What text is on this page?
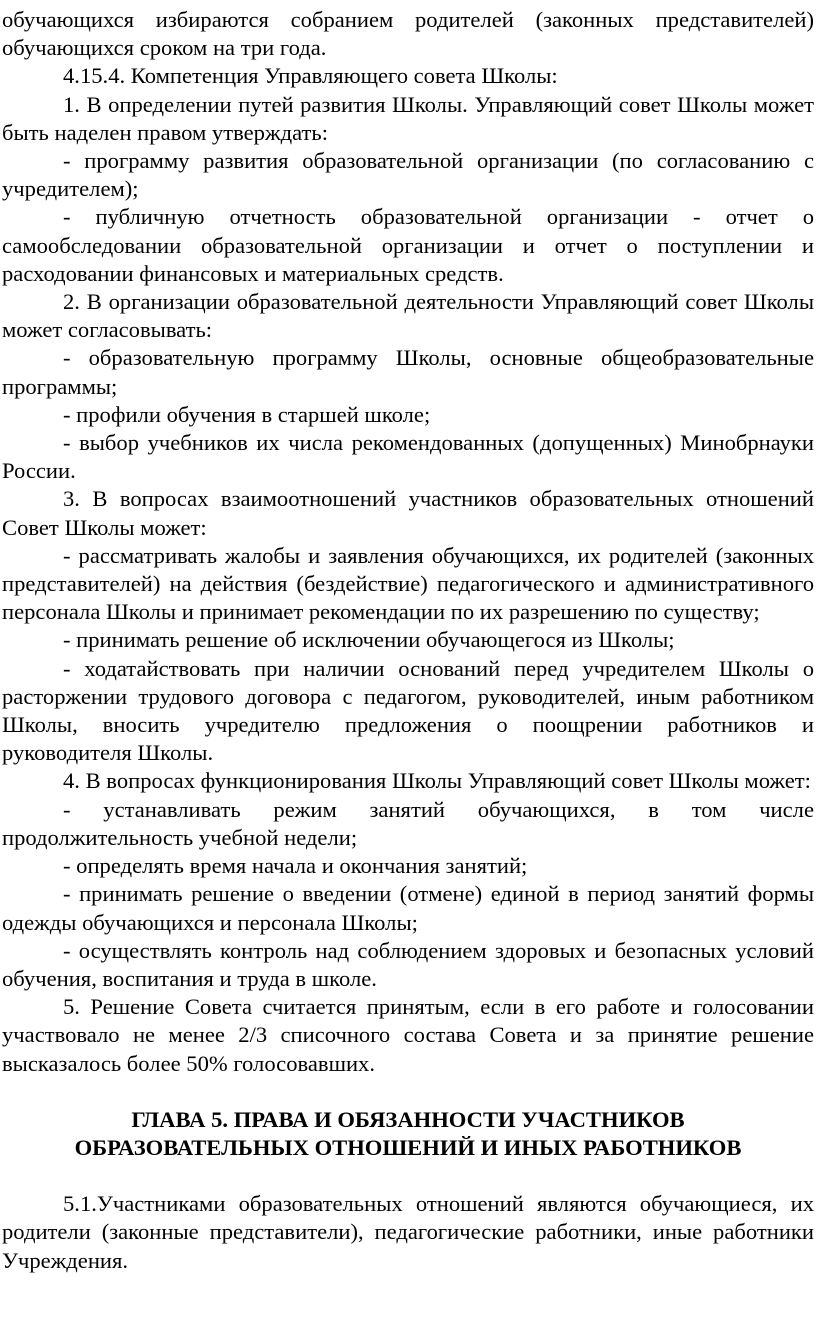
обучающихся избираются собранием родителей (законных представителей) обучающихся сроком на три года.

4.15.4. Компетенция Управляющего совета Школы:

1. В определении путей развития Школы. Управляющий совет Школы может быть наделен правом утверждать:

- программу развития образовательной организации (по согласованию с учредителем);

- публичную отчетность образовательной организации - отчет о самообследовании образовательной организации и отчет о поступлении и расходовании финансовых и материальных средств.

2. В организации образовательной деятельности Управляющий совет Школы может согласовывать:

- образовательную программу Школы, основные общеобразовательные программы;

- профили обучения в старшей школе;

- выбор учебников их числа рекомендованных (допущенных) Минобрнауки России.

3. В вопросах взаимоотношений участников образовательных отношений Совет Школы может:

- рассматривать жалобы и заявления обучающихся, их родителей (законных представителей) на действия (бездействие) педагогического и административного персонала Школы и принимает рекомендации по их разрешению по существу;

- принимать решение об исключении обучающегося из Школы;

- ходатайствовать при наличии оснований перед учредителем Школы о расторжении трудового договора с педагогом, руководителей, иным работником Школы, вносить учредителю предложения о поощрении работников и руководителя Школы.

4. В вопросах функционирования Школы Управляющий совет Школы может:

- устанавливать режим занятий обучающихся, в том числе продолжительность учебной недели;

- определять время начала и окончания занятий;

- принимать решение о введении (отмене) единой в период занятий формы одежды обучающихся и персонала Школы;

- осуществлять контроль над соблюдением здоровых и безопасных условий обучения, воспитания и труда в школе.

5. Решение Совета считается принятым, если в его работе и голосовании участвовало не менее 2/3 списочного состава Совета и за принятие решение высказалось более 50% голосовавших.

ГЛАВА 5. ПРАВА И ОБЯЗАННОСТИ УЧАСТНИКОВ
ОБРАЗОВАТЕЛЬНЫХ ОТНОШЕНИЙ И ИНЫХ РАБОТНИКОВ

5.1.Участниками образовательных отношений являются обучающиеся, их родители (законные представители), педагогические работники, иные работники Учреждения.
